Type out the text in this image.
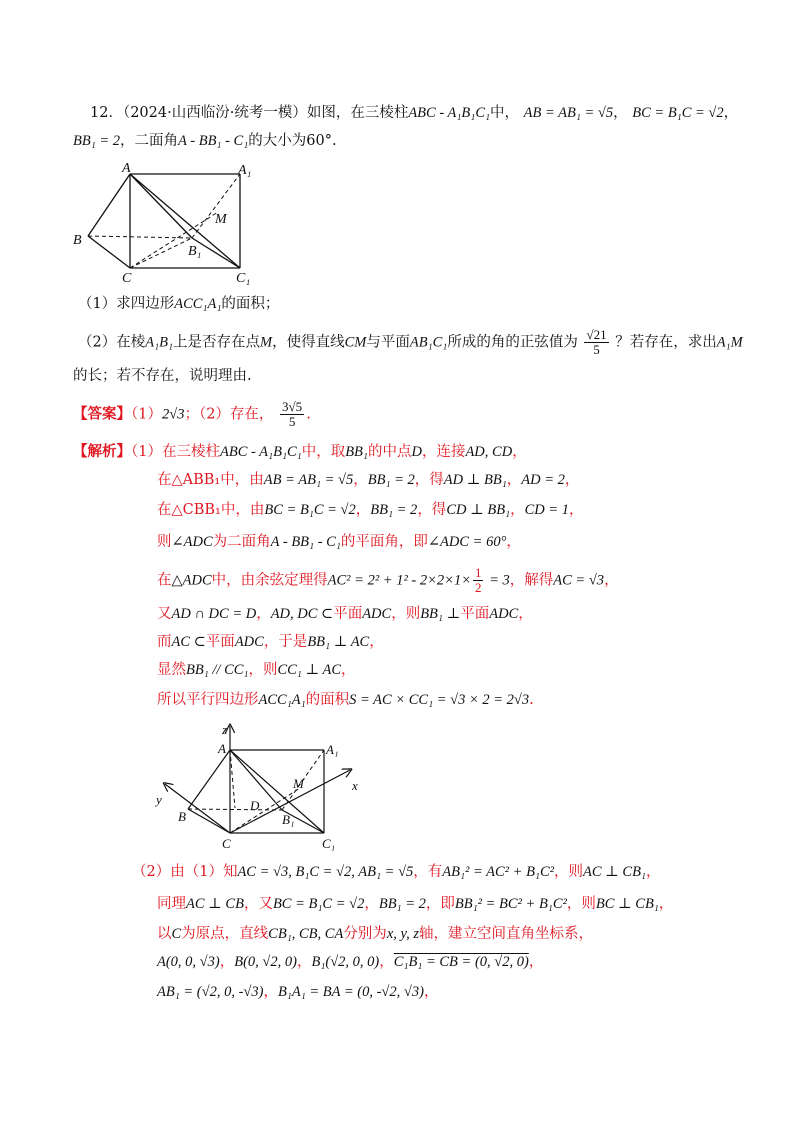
12．（2024·山西临汾·统考一模）如图，在三棱柱ABC - A₁B₁C₁中， AB = AB₁ = √5， BC = B₁C = √2，
BB₁ = 2，二面角A - BB₁ - C₁的大小为60°.
A	A₁
M
B
B₁
C	C₁
（1）求四边形ACC₁A₁的面积；
（2）在棱A₁B₁上是否存在点M，使得直线CM与平面AB₁C₁所成的角的正弦值为 $\frac{√21}{5}$ ？若存在，求出A₁M
的长；若不存在，说明理由.
【答案】（1）2√3；（2）存在， $\frac{3√5}{5}$ .
【解析】（1）在三棱柱ABC - A₁B₁C₁中，取BB₁的中点D，连接AD, CD，
在△ABB₁中，由AB = AB₁ = √5，BB₁ = 2，得AD ⊥ BB₁，AD = 2，
在△CBB₁中，由BC = B₁C = √2，BB₁ = 2，得CD ⊥ BB₁，CD = 1，
则∠ADC为二面角A - BB₁ - C₁的平面角，即∠ADC = 60°，
在△ADC中，由余弦定理得$AC^2 = 2^2 + 1^2 - 2\times 2\times 1\times \frac{1}{2} = 3$，解得AC = √3，
又AD ∩ DC = D，AD, DC ⊂平面ADC，则BB₁ ⊥平面ADC，
而AC ⊂平面ADC，于是BB₁ ⊥ AC，
显然BB₁ // CC₁，则CC₁ ⊥ AC，
所以平行四边形ACC₁A₁的面积S = AC × CC₁ = √3 × 2 = 2√3.
z
A	A₁
M	x
y	D
B	B₁
C	C₁
（2）由（1）知AC = √3, B₁C = √2, AB₁ = √5，有AB₁² = AC² + B₁C²，则AC ⊥ CB₁，
同理AC ⊥ CB，又BC = B₁C = √2，BB₁ = 2，即BB₁² = BC² + B₁C²，则BC ⊥ CB₁，
以C为原点，直线CB₁, CB, CA分别为x, y, z轴，建立空间直角坐标系，
A(0, 0, √3)，B(0, √2, 0)，B₁(√2, 0, 0)，C₁B₁ = CB = (0, √2, 0)，
AB₁ = (√2, 0, -√3)，B₁A₁ = BA = (0, -√2, √3)，
